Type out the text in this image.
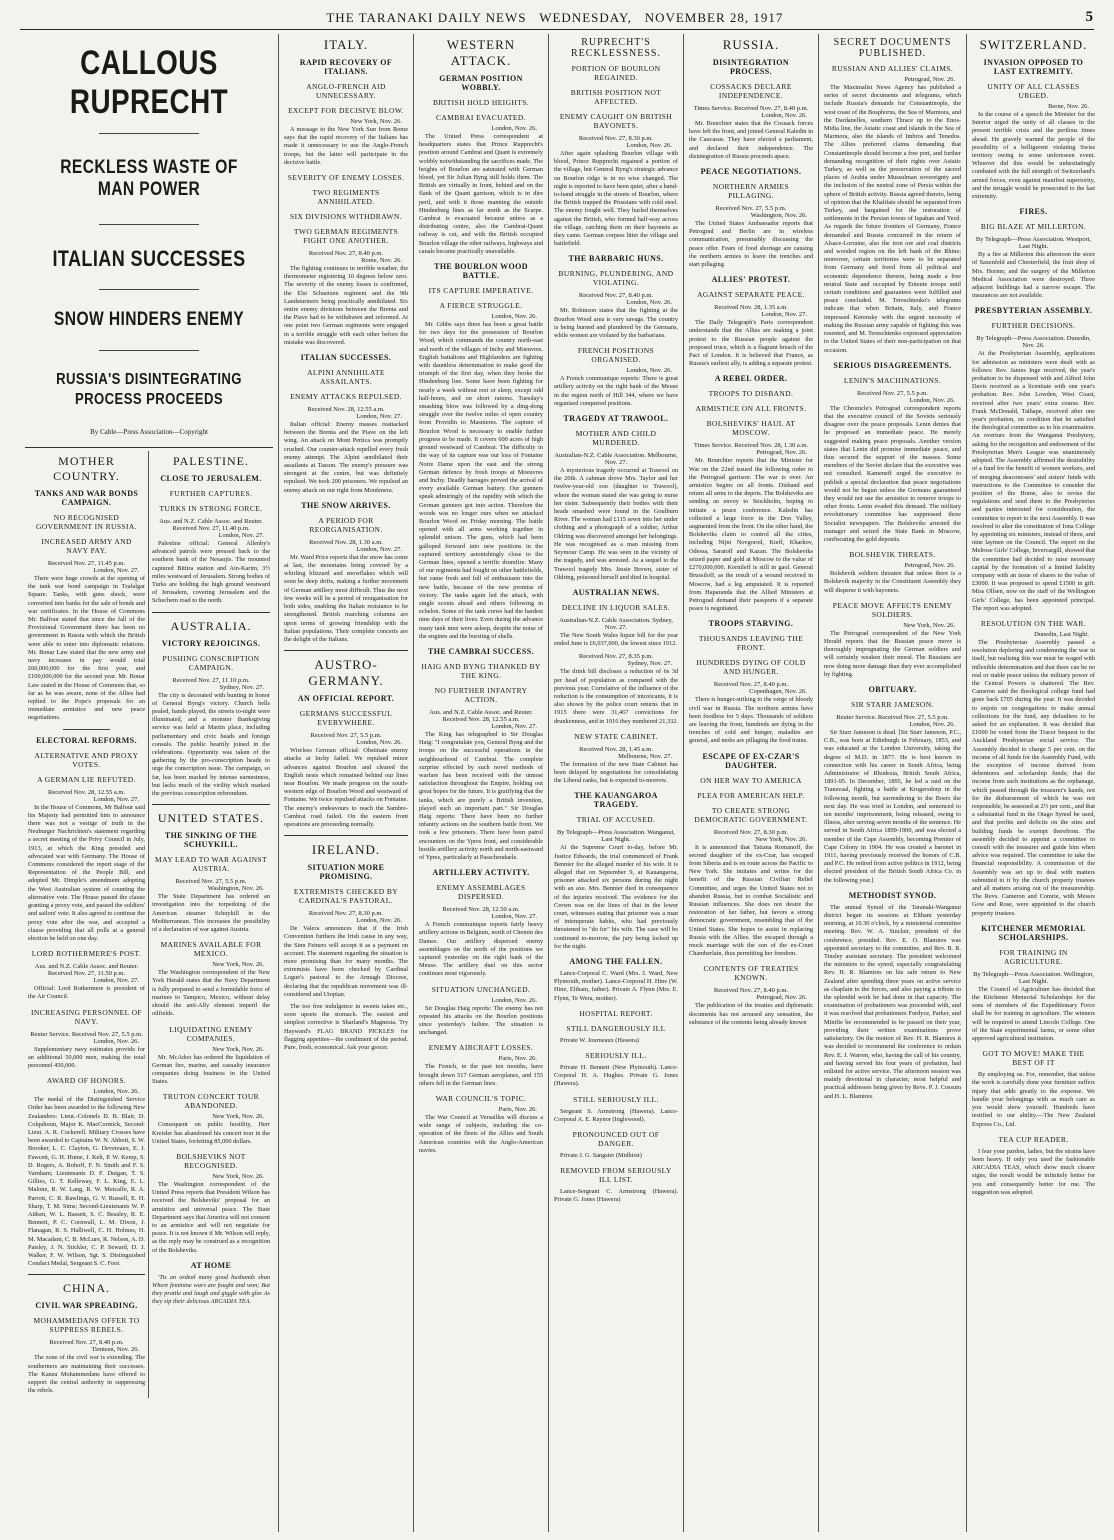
THE TARANAKI DAILY NEWS WEDNESDAY, NOVEMBER 28, 1917	5
CALLOUS RUPRECHT
RECKLESS WASTE OF MAN POWER
ITALIAN SUCCESSES
SNOW HINDERS ENEMY
RUSSIA'S DISINTEGRATING PROCESS PROCEEDS
By Cable—Press Association—Copyright
MOTHER COUNTRY.
TANKS AND WAR BONDS CAMPAIGN.
NO RECOGNISED GOVERNMENT IN RUSSIA.
INCREASED ARMY AND NAVY PAY.
Received Nov. 27, 11.45 p.m.
London, Nov. 27.
There were huge crowds at the opening of the tank war bond campaign in Trafalgar Square. Tanks, with guns shock, were converted into banks for the sale of bonds and war certificates. In the House of Commons Mr. Balfour stated that since the fall of the Provisional Government there has been no government in Russia with which the British were able to enter into diplomatic relations. Mr. Bonar Law stated that the new army and navy increases in pay would total £60,000,000 for the first year, and £100,000,000 for the second year. Mr. Bonar Law stated in the House of Commons that, so far as he was aware, none of the Allies had replied to the Pope's proposals for an immediate armistice and new peace negotiations.
ELECTORAL REFORMS.
ALTERNATIVE AND PROXY VOTES.
A GERMAN LIE REFUTED.
Received Nov. 28, 12.55 a.m.
London, Nov. 27.
In the House of Commons, Mr Balfour said his Majesty had permitted him to announce there was not a vestige of truth in the Neuburger Nachrichten's statement regarding a secret meeting of the Privy Council in July, 1913, at which the King presided and advocated war with Germany. The House of Commons considered the report stage of the Representation of the People Bill, and adopted Mr. Dimple's amendment adopting the West Australian system of counting the alternative vote. The House passed the clause granting a proxy vote, and passed the soldiers' and sailors' vote. It also agreed to continue the proxy vote after the war, and accepted a clause providing that all polls at a general election be held on one day.
LORD ROTHERMERE'S POST.
Aus. and N.Z. Cable Assoc. and Reuter. Received Nov. 27, 11.50 p.m.
London, Nov. 27.
Official: Lord Rothermere is president of the Air Council.
INCREASING PERSONNEL OF NAVY.
Reuter Service. Received Nov. 27, 5.5 p.m.
London, Nov. 26.
Supplementary navy estimates provide for an additional 50,000 men, making the total personnel 450,000.
AWARD OF HONORS.
London, Nov. 26.
The medal of the Distinguished Service Order has been awarded to the following New Zealanders: Lieut.-Colonels D. B. Blair, D. Colquhoun, Major K. MacCormick, Second-Lieut. A. R. Cockerell. Military Crosses have been awarded to Captains W. N. Abbott, S. W. Brooker, L. C. Clayton, G. Devereaux, E. J. Fawcett, G. H. Hume, J. Kelt, P. W. Kemp, S. D. Rogers, A. Rohoff, F. N. Smith and F. S. Varnham; Lieutenants D. F. Duigan, T. S. Gillies, G. T. Kelleway, F. L. King, E. L. Malone, R. W. Lang, R. W. Metcalfe, R. A. Parrott, C. R. Rawlings, G. V. Russell, E. H. Sharp, T. M. Sims; Second-Lieutenants W. P. Aitken, W. L. Bassett, S. C. Beasley, R. E. Bennett, P. C. Cornwall, L. M. Dixon, J. Flanagan, R. S. Halliwell, C. H. Holmes, H. M. Macadam, C. B. McLure, R. Nelson, A. D. Paisley, J. N. Stickler, C. P. Seward, D. J. Walker, F. W. Wilson, Sgt. S. Distinguished Conduct Medal, Sergeant S. C. Foot.
CHINA.
CIVIL WAR SPREADING.
MOHAMMEDANS OFFER TO SUPPRESS REBELS.
Received Nov. 27, 8.40 p.m.
Tientsen, Nov. 26.
The zone of the civil war is extending. The southerners are maintaining their successes. The Kansu Mohammedans have offered to support the central authority in suppressing the rebels.
PALESTINE.
CLOSE TO JERUSALEM.
FURTHER CAPTURES.
TURKS IN STRONG FORCE.
Aus. and N.Z. Cable Assoc. and Reuter. Received Nov. 27, 11.40 p.m.
London, Nov. 27.
Palestine official: General Allenby's advanced patrols were pressed back to the southern bank of the Nesaujis. The mounted captured Bittira station and Ain-Karim, 3½ miles westward of Jerusalem. Strong bodies of Turks are holding the high ground westward of Jerusalem, covering Jerusalem and the Schechem road to the north.
AUSTRALIA.
VICTORY REJOICINGS.
PUSHING CONSCRIPTION CAMPAIGN.
Received Nov. 27, 11.10 p.m.
Sydney, Nov. 27.
The city is decorated with bunting in honor of General Byng's victory. Church bells pealed, bands played, the streets to-night were illuminated, and a monster thanksgiving service was held at Martin place, including parliamentary and civic heads and foreign consuls. The public heartily joined in the celebrations. Opportunity was taken of the gathering by the pro-conscription heads to urge the conscription issue. The campaign, so far, has been marked by intense earnestness, but lacks much of the virility which marked the previous conscription referendum.
UNITED STATES.
THE SINKING OF THE SCHUYKILL.
MAY LEAD TO WAR AGAINST AUSTRIA.
Received Nov. 27, 5.5 p.m.
Washington, Nov. 26.
The State Department has ordered an investigation into the torpedoing of the American steamer Schuykill in the Mediterranean. This increases the possibility of a declaration of war against Austria.
MARINES AVAILABLE FOR MEXICO.
New York, Nov. 26.
The Washington correspondent of the New York Herald states that the Navy Department is fully prepared to send a formidable force of marines to Tampico, Mexico, without delay should the anti-Ally element imperil the oilfields.
LIQUIDATING ENEMY COMPANIES.
New York, Nov. 26.
Mr. McAdoo has ordered the liquidation of German fire, marine, and casualty insurance companies doing business in the United States.
TRUTON CONCERT TOUR ABANDONED.
New York, Nov. 26.
Consequent on public hostility, Herr Kreisler has abandoned his concert tour in the United States, forfeiting 85,000 dollars.
BOLSHEVIKS NOT RECOGNISED.
New York, Nov. 26.
The Washington correspondent of the United Press reports that President Wilson has received the Bolsheviks' proposal for an armistice and universal peace. The State Department says that America will not consent to an armistice and will not negotiate for peace. It is not known if Mr. Wilson will reply, as the reply may be construed as a recognition of the Bolsheviks.
AT HOME
'Tis an ordeal many good husbands shun Where feminine wars are fought and won; But they prattle and laugh and giggle with glee As they sip their delicious ARCADIA TEA.
ITALY.
RAPID RECOVERY OF ITALIANS.
ANGLO-FRENCH AID UNNECESSARY.
EXCEPT FOR DECISIVE BLOW.
New York, Nov. 26.
A message to the New York Sun from Rome says that the rapid recovery of the Italians has made it unnecessary to use the Anglo-French troops, but the latter will participate in the decisive battle.
SEVERITY OF ENEMY LOSSES.
TWO REGIMENTS ANNIHILATED.
SIX DIVISIONS WITHDRAWN.
TWO GERMAN REGIMENTS FIGHT ONE ANOTHER.
Received Nov. 27, 8.40 p.m.
Rome, Nov. 26.
The fighting continues in terrible weather, the thermometer registering 10 degrees below zero. The severity of the enemy losses is confirmed, the Elsi Schuetzen regiment and the 9th Landsturmers being practically annihilated. Six entire enemy divisions between the Brenta and the Piave had to be withdrawn and reformed. At one point two German regiments were engaged in a terrible struggle with each other before the mistake was discovered.
ITALIAN SUCCESSES.
ALPINI ANNIHILATE ASSAILANTS.
ENEMY ATTACKS REPULSED.
Received Nov. 28, 12.55 a.m.
London, Nov. 27.
Italian official: Enemy masses reattacked between the Brenta and the Piave on the left wing. An attack on Mont Pertica was promptly crushed. Our counter-attack repelled every fresh enemy attempt. The Alpini annihilated their assailants at Tasson. The enemy's pressure was strongest at the centre, but was definitely repulsed. We took 200 prisoners. We repulsed an enemy attack on our right from Monfenera.
THE SNOW ARRIVES.
A PERIOD FOR REORGANISATION.
Received Nov. 28, 1.30 a.m.
London, Nov. 27.
Mr. Ward Price reports that the snow has come at last, the mountains being covered by a whirling blizzard and snowflakes which will soon be deep drifts, making a further movement of German artillery most difficult. Thus the next few weeks will be a period of reorganisation for both sides, enabling the Italian resistance to be strengthened. British marching columns are upon terms of growing friendship with the Italian populations. Their complete concerts are the delight of the Italians.
AUSTRO-GERMANY.
AN OFFICIAL REPORT.
GERMANS SUCCESSFUL EVERYWHERE.
Received Nov. 27, 5.5 p.m.
London, Nov. 26.
Wireless German official: Obstinate enemy attacks at Inchy failed. We repulsed minor advances against Bourlon and cleared the English nests which remained behind our lines near Bourlon. We made progress on the south-western edge of Bourlon Wood and westward of Fontaine. We twice repulsed attacks on Fontaine. The enemy's endeavours to reach the Sambre-Cambrai road failed. On the eastern front operations are proceeding normally.
IRELAND.
SITUATION MORE PROMISING.
EXTREMISTS CHECKED BY CARDINAL'S PASTORAL.
Received Nov. 27, 8.30 p.m.
London, Nov. 26.
De Valera announces that if the Irish Convention furthers the Irish cause in any way, the Sinn Feiners will accept it as a payment on account. The statement regarding the situation is more promising than for many months. The extremists have been checked by Cardinal Logue's pastoral to the Armagh Diocese, declaring that the republican movement was ill-considered and Utopian.
The too free indulgence in sweets takes etc., soon upsets the stomach. The easiest and simplest corrective is Sharland's Magnesia. Try Hayward's FLAG BRAND PICKLES for flagging appetites—the condiment of the period. Pure, fresh, economical. Ask your grocer.
WESTERN ATTACK.
GERMAN POSITION WOBBLY.
BRITISH HOLD HEIGHTS.
CAMBRAI EVACUATED.
London, Nov. 26.
The United Press correspondent at headquarters states that Prince Rupprecht's position around Cambrai and Quant is extremely wobbly notwithstanding the sacrifices made. The heights of Bourlon are saturated with German blood, yet Sir Julian Byng still holds them. The British are virtually in front, behind and on the flank of the Quant garrison, which is in dire peril, and with it those manning the outside Hindenburg lines as far north as the Scarpe. Cambrai is evacuated because unless as a distributing centre, also the Cambrai-Quant railway is cut, and with the British occupied Bourlon village the other railways, highways and canals became practically unavailable.
THE BOURLON WOOD BATTLE.
ITS CAPTURE IMPERATIVE.
A FIERCE STRUGGLE.
London, Nov. 26.
Mr. Gibbs says there has been a great battle for two days for the possession of Bourlon Wood, which commands the country north-east and north of the villages of Inchy and Moeuvres. English battalions and Highlanders are fighting with dauntless determination to make good the triumph of the first day, when they broke the Hindenburg line. Some have been fighting for nearly a week without rest or sleep, except odd half-hours, and on short rations. Tuesday's smashing blow was followed by a ding-dong struggle over the twelve miles of open country from Providin to Masnieres. The capture of Bourlon Wood is necessary to enable further progress to be made. It covers 600 acres of high ground westward of Cambrai. The difficulty in the way of its capture was our loss of Fontaine Notre Dame upon the east and the strong German defence by fresh troops at Moeuvres and Inchy. Deadly barrages proved the arrival of every available German battery. Our gunners speak admiringly of the rapidity with which the German gunners got into action. Therefore the woods was no longer ours when we attacked Bourlon Wood on Friday morning. The battle opened with all arms working together in splendid unison. The guns, which had been galloped forward into new positions in the captured territory astonishingly close to the German lines, opened a terrific drumfire. Many of our regiments had fought on other battlefields, but came fresh and full of enthusiasm into the new battle, because of the new promise of victory. The tanks again led the attack, with single scouts ahead and others following in echelon. Some of the tank crews had the hardest nine days of their lives. Even during the advance many tank men were asleep, despite the noise of the engines and the bursting of shells.
THE CAMBRAI SUCCESS.
HAIG AND BYNG THANKED BY THE KING.
NO FURTHER INFANTRY ACTION.
Aus. and N.Z. Cable Assoc. and Reuter. Received Nov. 28, 12.55 a.m.
London, Nov. 27.
The King has telegraphed to Sir Douglas Haig: "I congratulate you, General Byng and the troops on the successful operations in the neighbourhood of Cambrai. The complete surprise effected by such novel methods of warfare has been received with the utmost satisfaction throughout the Empire, holding out great hopes for the future. It is gratifying that the tanks, which are purely a British invention, played such an important part." Sir Douglas Haig reports: There have been no further infantry actions on the southern battle front. We took a few prisoners. There have been patrol encounters on the Ypres front, and considerable hostile artillery activity north and north-eastward of Ypres, particularly at Passchendaele.
ARTILLERY ACTIVITY.
ENEMY ASSEMBLAGES DISPERSED.
Received Nov. 28, 12.50 a.m.
London, Nov. 27.
A French communique reports fairly heavy artillery actions in Belgium, north of Chemin des Dames. Our artillery dispersed enemy assemblages on the north of the positions we captured yesterday on the right bank of the Meuse. The artillery duel on this sector continues most vigorously.
SITUATION UNCHANGED.
London, Nov. 26.
Sir Douglas Haig reports: The enemy has not repeated his attacks on the Bourlon positions since yesterday's failure. The situation is unchanged.
ENEMY AIRCRAFT LOSSES.
Paris, Nov. 26.
The French, in the past ten months, have brought down 517 German aeroplanes, and 155 others fell in the German lines.
WAR COUNCIL'S TOPIC.
Paris, Nov. 26.
The War Council at Versailles will discuss a wide range of subjects, including the co-operation of the fleets of the Allies and South American countries with the Anglo-American navies.
RUPRECHT'S RECKLESSNESS.
PORTION OF BOURLON REGAINED.
BRITISH POSITION NOT AFFECTED.
ENEMY CAUGHT ON BRITISH BAYONETS.
Received Nov. 27, 8.30 p.m.
London, Nov. 26.
After again splashing Bourlon village with blood, Prince Rupprecht regained a portion of the village, but General Byng's strategic advance on Bourlon ridge is in no wise changed. The night is reported to have been quiet, after a hand-to-hand struggle in the streets of Bourlon, where the British trapped the Prussians with cold steel. The enemy fought well. They hurled themselves against the British, who formed half-way across the village, catching them on their bayonets as they came. German corpses litter the village and battlefield.
THE BARBARIC HUNS.
BURNING, PLUNDERING, AND VIOLATING.
Received Nov. 27, 8.40 p.m.
London, Nov. 26.
Mr. Robinson states that the fighting at the Bourlon Wood area is very savage. The country is being burned and plundered by the Germans, while women are violated by the barbarians.
FRENCH POSITIONS ORGANISED.
London, Nov. 26.
A French communique reports: There is great artillery activity on the right bank of the Meuse in the region north of Hill 344, where we have organised conquered positions.
TRAGEDY AT TRAWOOL.
MOTHER AND CHILD MURDERED.
Australian-N.Z. Cable Association. Melbourne, Nov. 27.
A mysterious tragedy occurred at Trawool on the 20th. A cabman drove Mrs. Taylor and her twelve-year-old son (daughter to Trawool), where the woman stated she was going to nurse her sister. Subsequently their bodies with their heads smashed were found in the Goulburn River. The woman had £115 sewn into her under clothing and a photograph of a soldier, Arthur Oldring was discovered amongst her belongings. He was recognised as a man missing from Seymour Camp. He was seen in the vicinity of the tragedy, and was arrested. As a sequel to the Trawool tragedy Mrs. Jessie Brown, sister of Oldring, poisoned herself and died in hospital.
AUSTRALIAN NEWS.
DECLINE IN LIQUOR SALES.
Australian-N.Z. Cable Association. Sydney, Nov. 27.
The New South Wales liquor bill for the year ended June is £6,037,000, the lowest since 1912.
Received Nov. 27, 8.35 p.m.
Sydney, Nov. 27.
The drink bill discloses a reduction of 6s 3d per head of population as compared with the previous year. Correlative of the influence of the reduction is the consumption of intoxicants, it is also shown by the police court returns that in 1915 there were 31,467 convictions for drunkenness, and in 1916 they numbered 21,332.
NEW STATE CABINET.
Received Nov. 28, 1.45 a.m.
Melbourne, Nov. 27.
The formation of the new State Cabinet has been delayed by negotiations for consolidating the Liberal ranks, but is expected to-morrow.
THE KAUANGAROA TRAGEDY.
TRIAL OF ACCUSED.
By Telegraph—Press Association. Wanganui, Last Night.
At the Supreme Court to-day, before Mr. Justice Edwards, the trial commenced of Frank Bennier for the alleged murder of his wife. It is alleged that on September 9, at Kauangaroa, prisoner attacked six persons during the night with an axe. Mrs. Bennier died in consequence of the injuries received. The evidence for the Crown was on the lines of that in the lower court, witnesses stating that prisoner was a man of intemperate habits, who had previously threatened to "do for" his wife. The case will be continued to-morrow, the jury being locked up for the night.
AMONG THE FALLEN.
Lance-Corporal C. Ward (Mrs. J. Ward, New Plymouth, mother). Lance-Corporal H. Hine (W. Hine, Eltham, father). Private A. Flynn (Mrs. E. Flynn, Te Wera, mother).
HOSPITAL REPORT.
STILL DANGEROUSLY ILL
Private W. Journeaux (Hawera)
SERIOUSLY ILL.
Private H. Bennett (New Plymouth). Lance-Corporal H. A. Hughes. Private G. Jones (Hawera).
STILL SERIOUSLY ILL.
Sergeant S. Armstrong (Hawera). Lance-Corporal A. E. Raynor (Inglewood).
PRONOUNCED OUT OF DANGER.
Private J. G. Sangster (Midhirst)
REMOVED FROM SERIOUSLY ILL LIST.
Lance-Sergeant C. Armstrong (Hawera). Private G. Jones (Hawera)
RUSSIA.
DISINTEGRATION PROCESS.
COSSACKS DECLARE INDEPENDENCE.
Times Service. Received Nov. 27, 8.40 p.m.
London, Nov. 26.
Mr. Bourchier states that the Cossack forces have left the front, and joined General Kaledin in the Caucasus. They have elected a parliament, and declared their independence. The disintegration of Russia proceeds apace.
PEACE NEGOTIATIONS.
NORTHERN ARMIES PILLAGING.
Received Nov. 27, 5.5 p.m.
Washington, Nov. 26.
The United States Ambassador reports that Petrograd and Berlin are in wireless communication, presumably discussing the peace offer. Fears of food shortage are causing the northern armies to leave the trenches and start pillaging.
ALLIES' PROTEST.
AGAINST SEPARATE PEACE.
Received Nov. 28, 1.35 a.m.
London, Nov. 27.
The Daily Telegraph's Paris correspondent understands that the Allies are making a joint protest to the Russian people against the proposed truce, which is a flagrant breach of the Pact of London. It is believed that France, as Russia's earliest ally, is adding a separate protest.
A REBEL ORDER.
TROOPS TO DISBAND.
ARMISTICE ON ALL FRONTS.
BOLSHEVIKS' HAUL AT MOSCOW.
Times Service. Received Nov. 28, 1.30 a.m.
Petrograd, Nov. 26.
Mr. Bourchier reports that the Minister for War on the 22nd issued the following order to the Petrograd garrison: The war is over. An armistice begins on all fronts. Disband and return all arms to the depots. The Bolsheviks are sending an envoy to Stockholm, hoping to initiate a peace conference. Kaledin has collected a large force in the Don Valley, augmented from the front. On the other hand, the Bolsheviks claim to control all the cities, including Nijni Novgorod, Kieff, Kharkov, Odessa, Saratoff and Kazan. The Bolsheviks seized paper and gold at Moscow to the value of £270,000,000. Kornileff is still in gaol. General Brussiloff, as the result of a wound received in Moscow, had a leg amputated. It is reported from Haparanda that the Allied Ministers at Petrograd demand their passports if a separate peace is negotiated.
TROOPS STARVING.
THOUSANDS LEAVING THE FRONT.
HUNDREDS DYING OF COLD AND HUNGER.
Received Nov. 27, 8.40 p.m.
Copenhagen, Nov. 26.
There is hunger-striking to the verge of bloody civil war in Russia. The northern armies have been foodless for 5 days. Thousands of soldiers are leaving the front, hundreds are dying in the trenches of cold and hunger, maladies are general, and mobs are pillaging the food trains.
ESCAPE OF EX-CZAR'S DAUGHTER.
ON HER WAY TO AMERICA
PLEA FOR AMERICAN HELP.
TO CREATE STRONG DEMOCRATIC GOVERNMENT.
Received Nov. 27, 8.30 p.m.
New York, Nov. 26.
It is announced that Tatiana Romanoff, the second daughter of the ex-Czar, has escaped from Siberia and is en route across the Pacific to New York. She imitates and writes for the benefit of the Russian Civilian Relief Committee, and urges the United States not to abandon Russia, but to combat Socialistic and Russian influences. She does not desire the restoration of her father, but favors a strong democratic government, resembling that of the United States. She hopes to assist in replacing Russia with the Allies. She escaped through a mock marriage with the son of the ex-Court Chamberlain, thus permitting her freedom.
CONTENTS OF TREATIES KNOWN.
Received Nov. 27, 8.40 p.m.
Petrograd, Nov. 26.
The publication of the treaties and diplomatic documents has not aroused any sensation, the substance of the contents being already known
SECRET DOCUMENTS PUBLISHED.
RUSSIAN AND ALLIES' CLAIMS.
Petrograd, Nov. 26.
The Maximalist News Agency has published a series of secret documents and telegrams, which include Russia's demands for Constantinople, the west coast of the Bosphorus, the Sea of Marmora, and the Dardanelles, southern Thrace up to the Enos-Midia line, the Asiatic coast and islands in the Sea of Marmora, also the islands of Imbros and Tenedos. The Allies preferred claims demanding that Constantinople should become a free port, and further demanding recognition of their rights over Asiatic Turkey, as well as the preservation of the sacred places of Arabia under Mussulman sovereignty and the inclusion of the neutral zone of Persia within the sphere of British activity. Russia agreed thereto, being of opinion that the Khalifate should be separated from Turkey, and bargained for the restoration of settlements in the Persian towns of Ispahan and Yezd. As regards the future frontiers of Germany, France demanded and Russia concurred in the return of Alsace-Lorraine, also the iron ore and coal districts and wooded region on the left bank of the Rhine; moreover, certain territories were to be separated from Germany and freed from all political and economic dependence thereon, being made a free neutral State and occupied by Entente troops until certain conditions and guarantees were fulfilled and peace concluded. M. Tereschtenko's telegrams indicate that when Britain, Italy, and France impressed Kerensky with the urgent necessity of making the Russian army capable of fighting this was resented, and M. Tereschtenko expressed appreciation to the United States of their non-participation on that occasion.
SERIOUS DISAGREEMENTS.
LENIN'S MACHINATIONS.
Received Nov. 27, 5.5 p.m.
London, Nov. 26.
The Chronicle's Petrograd correspondent reports that the executive council of the Soviets seriously disagree over the peace proposals. Lenin denies that he proposed an immediate peace. He merely suggested making peace proposals. Another version states that Lenin did promise immediate peace, and thus secured the support of the masses. Some members of the Soviet declare that the executive was not consulted. Kameneff urged the executive to publish a special declaration that peace negotiations would not be begun unless the Germans guaranteed they would not use the armistice to remove troops to other fronts. Lenin evaded this demand. The military revolutionary committee has suppressed three Socialist newspapers. The Bolsheviks arrested the manager and seized the State Bank in Moscow, confiscating the gold deposits.
BOLSHEVIK THREATS.
Petrograd, Nov. 26.
Bolshevik soldiers threaten that unless there is a Bolshevik majority in the Constituent Assembly they will disperse it with bayonets.
PEACE MOVE AFFECTS ENEMY SOLDIERS.
New York, Nov. 26.
The Petrograd correspondent of the New York Herald reports that the Russian peace move is thoroughly impregnating the German soldiers and will certainly weaken their moral. The Russians are now doing more damage than they ever accomplished by fighting.
OBITUARY.
SIR STARR JAMESON.
Reuter Service. Received Nov. 27, 5.5 p.m.
London, Nov. 26.
Sir Starr Jameson is dead. [Sir Starr Jameson, P.C., C.B., was born at Edinburgh in February, 1853, and was educated at the London University, taking the degree of M.D. in 1877. He is best known in connection with his career in South Africa, being Administrator of Rhodesia, British South Africa, 1891-95. In December, 1895, he led a raid on the Transvaal, fighting a battle at Krugersdorp in the following month, but surrendering to the Boers the next day. He was tried in London, and sentenced to ten months' imprisonment, being released, owing to illness, after serving seven months of the sentence. He served in South Africa 1899-1900, and was elected a member of the Cape Assembly, becoming Premier of Cape Colony in 1904. He was created a baronet in 1911, having previously received the honors of C.B. and P.C. He retired from active politics in 1912, being elected president of the British South Africa Co. in the following year.]
METHODIST SYNOD.
The annual Synod of the Taranaki-Wanganui district began its sessions at Eltham yesterday morning, at 10.30 o'clock, by a ministerial committee meeting. Rev. W. A. Sinclair, president of the conference, presided. Rev. E. O. Blamires was appointed secretary to the committee, and Rev. B. R. Tinsley assistant secretary. The president welcomed the ministers to the synod, especially congratulating Rev. H. R. Blamires on his safe return to New Zealand after spending three years on active service as chaplain to the forces, and also paying a tribute to the splendid work he had done in that capacity. The examination of probationers was proceeded with, and it was resolved that probationers Fordyce, Parker, and Minifie be recommended to be passed on their year, providing their written examinations prove satisfactory. On the motion of Rev. H. R. Blamires it was decided to recommend the conference to ordain Rev. E. J. Warren, who, having the call of his country, and having served his four years of probation, had enlisted for active service. The afternoon session was mainly devotional in character, most helpful and practical addresses being given by Revs. P. J. Cossum and H. L. Blamires.
SWITZERLAND.
INVASION OPPOSED TO LAST EXTREMITY.
UNITY OF ALL CLASSES URGED.
Berne, Nov. 26.
In the course of a speech the Minister for the Interior urged the unity of all classes in the present terrible crisis and the perilous times ahead. He gravely warned the people of the possibility of a belligerent violating Swiss territory owing to some unforeseen event. Whoever did this would be unhesitatingly combated with the full strength of Switzerland's armed forces, even against manifest superiority, and the struggle would be prosecuted to the last extremity.
FIRES.
BIG BLAZE AT MILLERTON.
By Telegraph—Press Association. Westport, Last Night.
By a fire at Millerton this afternoon the store of Saxenfeld and Chesterfield, the fruit shop of Mrs. Horner, and the surgery of the Millerton Medical Association were destroyed. Three adjacent buildings had a narrow escape. The insurances are not available.
PRESBYTERIAN ASSEMBLY.
FURTHER DECISIONS.
By Telegraph—Press Association. Dunedin, Nov. 26.
At the Presbyterian Assembly, applications for admission as ministers were dealt with as follows: Rev. James Inge received, the year's probation to be dispensed with and Alfred John Davis received as a licentiate with one year's probation. Rev. John Lowden, West Coast, received after two years' extra course. Rev. Frank McDonald, Taihape, received after one year's probation, on condition that he satisfied the theological committee as to his examination. An overture from the Wanganui Presbytery, asking for the recognition and endowment of the Presbyterian Men's League was unanimously adopted. The Assembly affirmed the desirability of a fund for the benefit of women workers, and of merging deaconesses' and sisters' funds with instructions to the Committee to consider the position of the Home, also to revise the regulations and send them to the Presbyteries and parties interested for consideration, the committee to report to the next Assembly. It was resolved to alter the constitution of Iona College by appointing six ministers, instead of three, and nine laymen on the Council. The report on the Melrose Girls' College, Invercargill, showed that the committee had decided to raise necessary capital by the formation of a limited liability company with an issue of shares to the value of £3000. It was proposed to spend £1500 in gift. Miss Ollsen, now on the staff of the Wellington Girls' College, has been appointed principal. The report was adopted.
RESOLUTION ON THE WAR.
Dunedin, Last Night.
The Presbyterian Assembly passed a resolution deploring and condemning the war in itself, but realising this war must be waged with inflexible determination and that there can be no real or stable peace unless the military power of the Central Powers is shattered. The Rev. Cameron said the theological college fund had gone back £705 during the year. It was decided to enjoin on congregations to make annual collections for the fund, any defaulters to be asked for an explanation. It was decided that £1000 be voted from the Tracer bequest to the Auckland Presbyterian social service. The Assembly decided to charge 5 per cent. on the income of all funds for the Assembly Fund, with the exception of income derived from debentures and scholarship funds; that the income from such institutions as the orphanage, which passed through the treasurer's hands, not for the disbursement of which he was not responsible, be assessed at 2½ per cent., and that a substantial fund in the Otago Synod be used, and that profits and deficits on the sites and building funds be exempt therefrom. The assembly decided to appoint a committee to consult with the treasurer and guide him when advice was required. The committee to take the financial responsibility. A commission of the Assembly was set up to deal with matters submitted to it by the church property trustees and all matters arising out of the treasurership. The Revs. Cameron and Comrie, with Messrs Gow and Rose, were appointed to the church property trustees.
KITCHENER MEMORIAL SCHOLARSHIPS.
FOR TRAINING IN AGRICULTURE.
By Telegraph—Press Association. Wellington, Last Night.
The Council of Agriculture has decided that the Kitchener Memorial Scholarships for the sons of members of the Expeditionary Force shall be for training in agriculture. The winners will be required to attend Lincoln College. One of the State experimental farms, or some other approved agricultural institution.
GOT TO MOVE! MAKE THE BEST OF IT
By employing us. For, remember, that unless the work is carefully done your furniture suffers injury that adds greatly to the expense. We handle your belongings with as much care as you would show yourself. Hundreds have testified to our ability.—The New Zealand Express Co., Ltd.
TEA CUP READER.
I fear your pardon, ladies, but the strains have been heavy. If only you used the fashionable ARCADIA TEAS, which show much clearer signs, the result would be infinitely better for you and consequently better for me. The suggestion was adopted.
